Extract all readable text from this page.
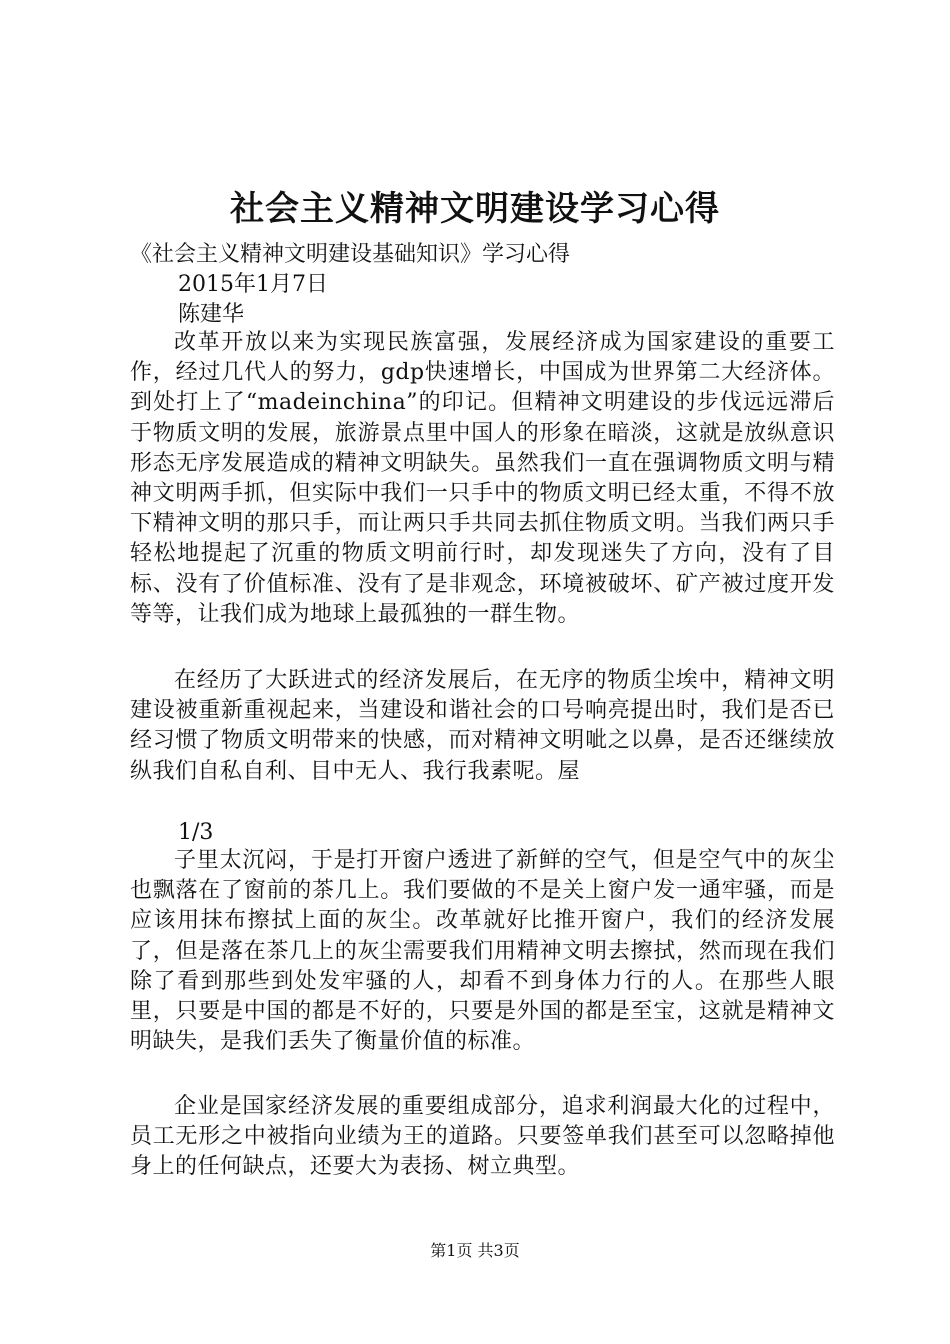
社会主义精神文明建设学习心得
《社会主义精神文明建设基础知识》学习心得
2015年1月7日
陈建华

改革开放以来为实现民族富强，发展经济成为国家建设的重要工作，经过几代人的努力，gdp快速增长，中国成为世界第二大经济体。到处打上了“madeinchina”的印记。但精神文明建设的步伐远远滞后于物质文明的发展，旅游景点里中国人的形象在暗淡，这就是放纵意识形态无序发展造成的精神文明缺失。虽然我们一直在强调物质文明与精神文明两手抓，但实际中我们一只手中的物质文明已经太重，不得不放下精神文明的那只手，而让两只手共同去抓住物质文明。当我们两只手轻松地提起了沉重的物质文明前行时，却发现迷失了方向，没有了目标、没有了价值标准、没有了是非观念，环境被破坏、矿产被过度开发等等，让我们成为地球上最孤独的一群生物。

在经历了大跃进式的经济发展后，在无序的物质尘埃中，精神文明建设被重新重视起来，当建设和谐社会的口号响亮提出时，我们是否已经习惯了物质文明带来的快感，而对精神文明呲之以鼻，是否还继续放纵我们自私自利、目中无人、我行我素呢。屋

1/3

子里太沉闷，于是打开窗户透进了新鲜的空气，但是空气中的灰尘也飘落在了窗前的茶几上。我们要做的不是关上窗户发一通牢骚，而是应该用抹布擦拭上面的灰尘。改革就好比推开窗户，我们的经济发展了，但是落在茶几上的灰尘需要我们用精神文明去擦拭，然而现在我们除了看到那些到处发牢骚的人，却看不到身体力行的人。在那些人眼里，只要是中国的都是不好的，只要是外国的都是至宝，这就是精神文明缺失，是我们丢失了衡量价值的标准。

企业是国家经济发展的重要组成部分，追求利润最大化的过程中，员工无形之中被指向业绩为王的道路。只要签单我们甚至可以忽略掉他身上的任何缺点，还要大为表扬、树立典型。

第1页 共3页
